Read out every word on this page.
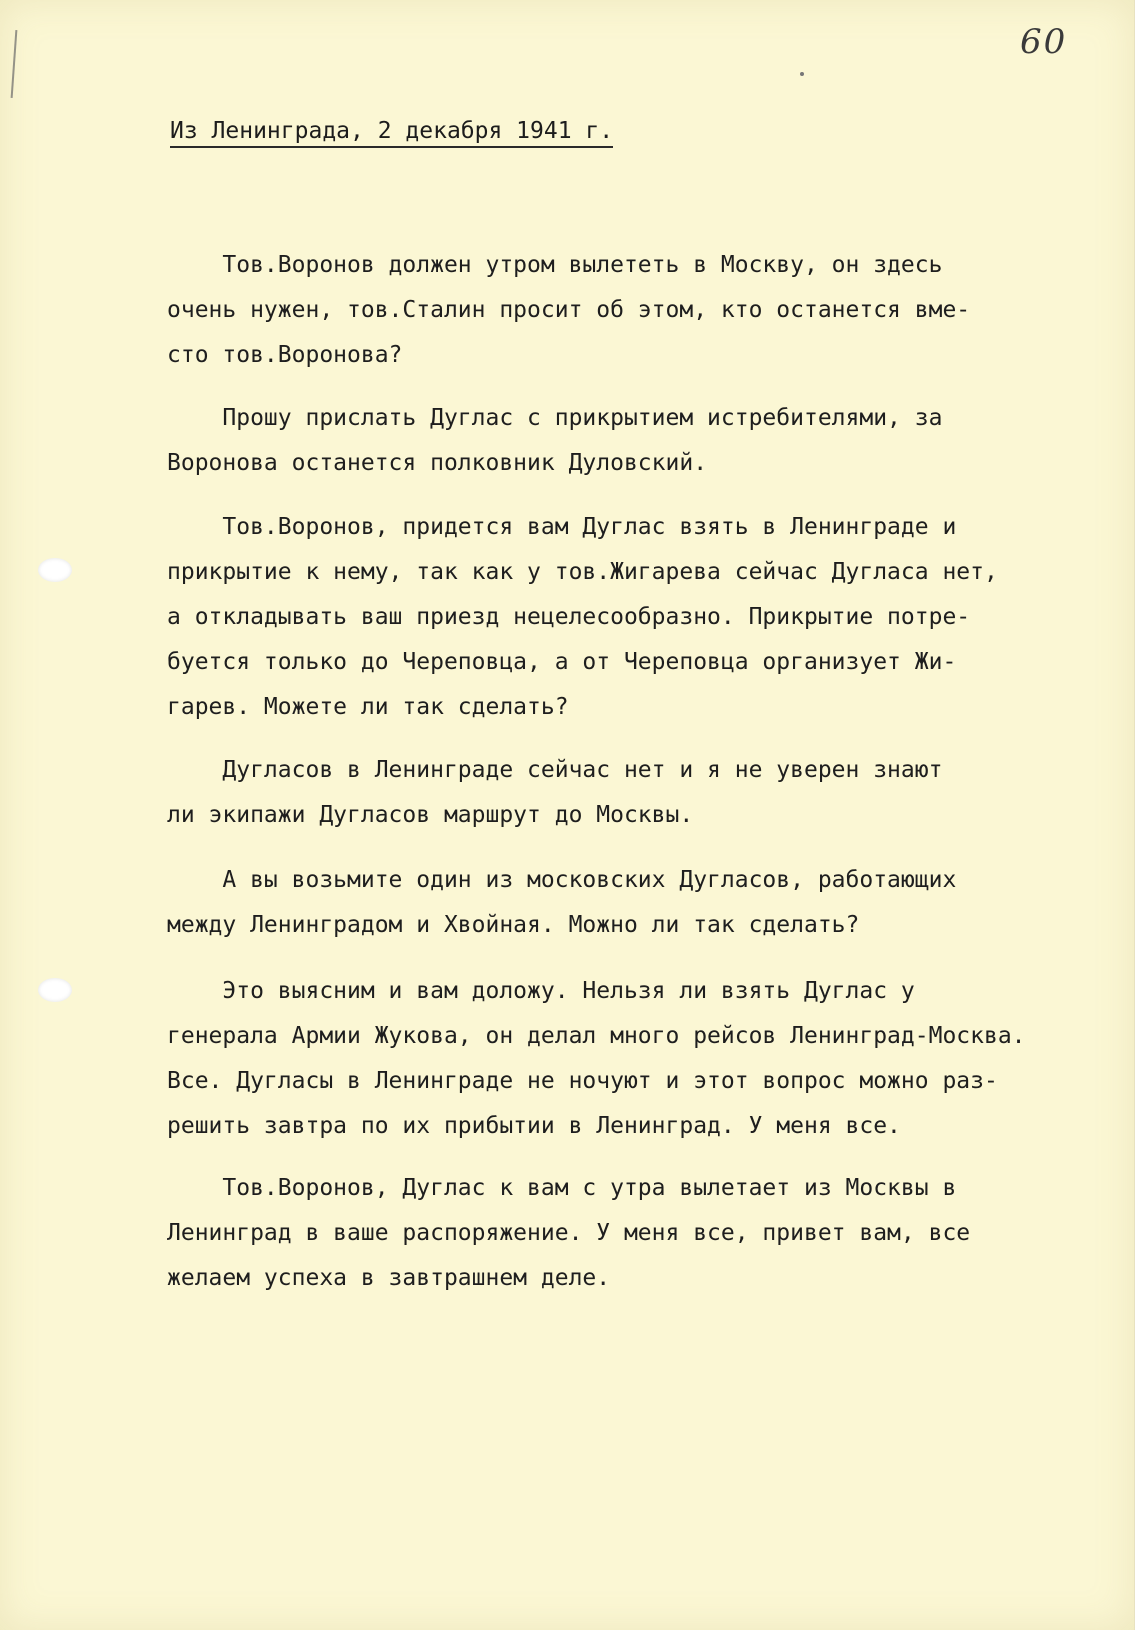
60
Из Ленинграда, 2 декабря 1941 г.
Тов.Воронов должен утром вылететь в Москву, он здесь
очень нужен, тов.Сталин просит об этом, кто останется вме-
сто тов.Воронова?
Прошу прислать Дуглас с прикрытием истребителями, за
Воронова останется полковник Дуловский.
Тов.Воронов, придется вам Дуглас взять в Ленинграде и
прикрытие к нему, так как у тов.Жигарева сейчас Дугласа нет,
а откладывать ваш приезд нецелесообразно. Прикрытие потре-
буется только до Череповца, а от Череповца организует Жи-
гарев. Можете ли так сделать?
Дугласов в Ленинграде сейчас нет и я не уверен знают
ли экипажи Дугласов маршрут до Москвы.
А вы возьмите один из московских Дугласов, работающих
между Ленинградом и Хвойная. Можно ли так сделать?
Это выясним и вам доложу. Нельзя ли взять Дуглас у
генерала Армии Жукова, он делал много рейсов Ленинград-Москва.
Все. Дугласы в Ленинграде не ночуют и этот вопрос можно раз-
решить завтра по их прибытии в Ленинград. У меня все.
Тов.Воронов, Дуглас к вам с утра вылетает из Москвы в
Ленинград в ваше распоряжение. У меня все, привет вам, все
желаем успеха в завтрашнем деле.
